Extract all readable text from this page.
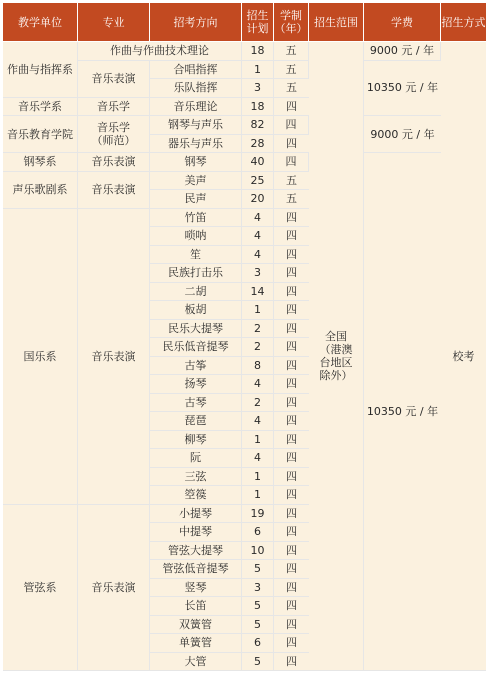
教学单位	专业	招考方向	招生计划	学制（年）	招生范围	学费	招生方式
作曲与指挥系	作曲与作曲技术理论		18	五	全国（港澳台地区除外）	9000 元 / 年	校考
	音乐表演	合唱指挥	1	五		10350 元 / 年	
		乐队指挥	3	五			
音乐学系	音乐学	音乐理论	18	四			
音乐教育学院	音乐学（师范）	钢琴与声乐	82	四		9000 元 / 年	
		器乐与声乐	28	四			
钢琴系	音乐表演	钢琴	40	四		10350 元 / 年	
声乐歌剧系	音乐表演	美声	25	五			
		民声	20	五			
国乐系	音乐表演	竹笛	4	四			
		唢呐	4	四			
		笙	4	四			
		民族打击乐	3	四			
		二胡	14	四			
		板胡	1	四			
		民乐大提琴	2	四			
		民乐低音提琴	2	四			
		古筝	8	四			
		扬琴	4	四			
		古琴	2	四			
		琵琶	4	四			
		柳琴	1	四			
		阮	4	四			
		三弦	1	四			
		箜篌	1	四			
管弦系	音乐表演	小提琴	19	四			
		中提琴	6	四			
		管弦大提琴	10	四			
		管弦低音提琴	5	四			
		竖琴	3	四			
		长笛	5	四			
		双簧管	5	四			
		单簧管	6	四			
		大管	5	四			
